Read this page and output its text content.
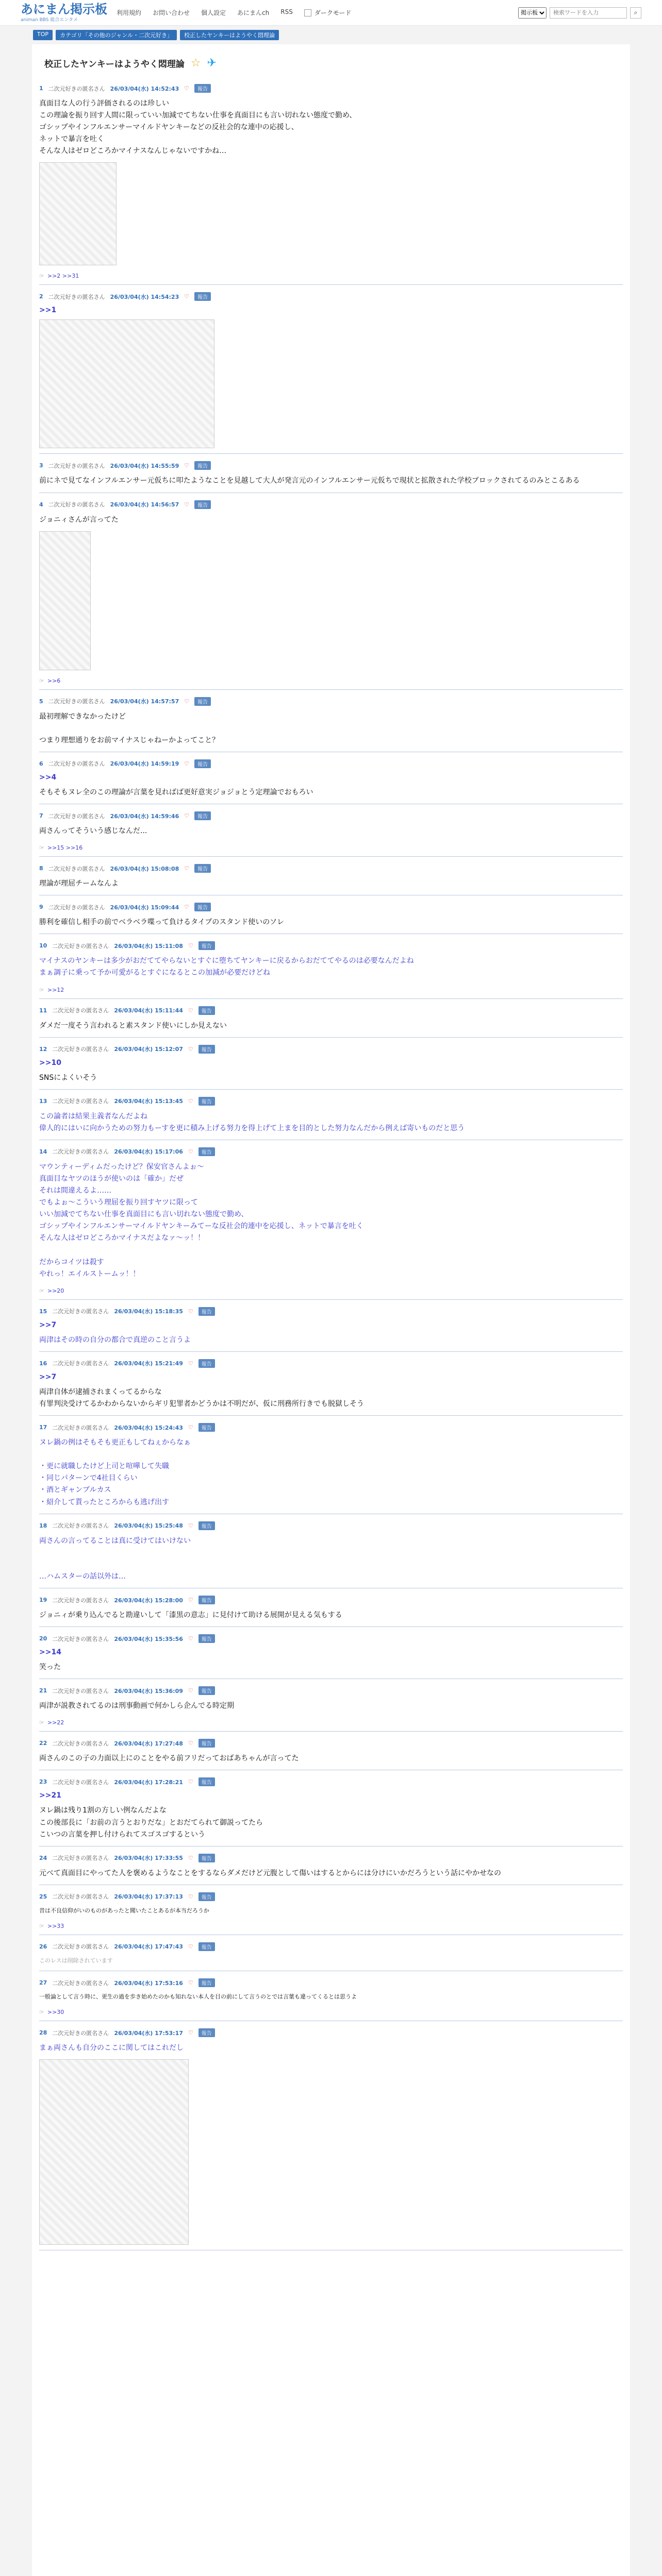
あにまん掲示板
animan BBS 総合エンタメ
利用規約 お問い合わせ 個人設定 あにまんch RSS	ダークモード
掲示板
検索ワードを入力	⌕
TOP	カテゴリ「その他のジャンル・二次元好き」	校正したヤンキーはようやく悶理論
校正したヤンキーはようやく悶理論 ☆ ✈
1 二次元好きの匿名さん 26/03/04(水) 14:52:43 ♡	報告
真面目な人の行う評価されるのは珍しい
この理論を振り回す人間に限っていい加減でてちない仕事を真面目にも言い切れない態度で勤め、
ゴシップやインフルエンサーマイルドヤンキーなどの反社会的な連中の応援し、
ネットで暴言を吐く
そんな人はゼロどころかマイナスなんじゃないですかね…
☞ >>2 >>31
2 二次元好きの匿名さん 26/03/04(水) 14:54:23 ♡	報告
>>1
3 二次元好きの匿名さん 26/03/04(水) 14:55:59 ♡	報告
前にネで見てなインフルエンサー元仮ちに叩たようなことを見越して大人が発言元のインフルエンサー元仮ちで現状と拡散された学校ブロックされてるのみとこるある
4 二次元好きの匿名さん 26/03/04(水) 14:56:57 ♡	報告
ジョニィさんが言ってた
☞ >>6
5 二次元好きの匿名さん 26/03/04(水) 14:57:57 ♡	報告
最初理解できなかったけど

つまり理想通りをお前マイナスじゃねーかよってこと？
6 二次元好きの匿名さん 26/03/04(水) 14:59:19 ♡	報告
>>4
そもそもヌレ全のこの理論が言葉を見ればば更好意実ジョジョとう定理論でおもろい
7 二次元好きの匿名さん 26/03/04(水) 14:59:46 ♡	報告
両さんってそういう感じなんだ...
☞ >>15 >>16
8 二次元好きの匿名さん 26/03/04(水) 15:08:08 ♡	報告
理論が理屈チームなんよ
9 二次元好きの匿名さん 26/03/04(水) 15:09:44 ♡	報告
勝利を確信し相手の前でベラベラ喋って負けるタイプのスタンド使いのソレ
10 二次元好きの匿名さん 26/03/04(水) 15:11:08 ♡	報告
マイナスのヤンキーは多少がおだててやらないとすぐに堕ちてヤンキーに戻るからおだててやるのは必要なんだよね
まぁ調子に乗って予か可愛がるとすぐになるとこの加減が必要だけどね
☞ >>12
11 二次元好きの匿名さん 26/03/04(水) 15:11:44 ♡	報告
ダメだ一度そう言われると素スタンド使いにしか見えない
12 二次元好きの匿名さん 26/03/04(水) 15:12:07 ♡	報告
>>10
SNSによくいそう
13 二次元好きの匿名さん 26/03/04(水) 15:13:45 ♡	報告
この論者は結果主義者なんだよね
偉人的にはいに向かうための努力もーすを更に積み上げる努力を得上げて上まを目的とした努力なんだから例えば寄いものだと思う
14 二次元好きの匿名さん 26/03/04(水) 15:17:06 ♡	報告
マウンティーディムだったけど？保安官さんよぉ〜
真面目なヤツのほうが使いのは「確か」だぜ
それは間違えるよ……
でもよぉ〜こういう理屈を振り回すヤツに限って
いい加減でてちない仕事を真面目にも言い切れない態度で勤め、
ゴシップやインフルエンサーマイルドヤンキーみてーな反社会的連中を応援し、ネットで暴言を吐く
そんな人はゼロどころかマイナスだよなァ〜ッ！！

だからコイツは殺す
やれっ！エイルストームッ！！
☞ >>20
15 二次元好きの匿名さん 26/03/04(水) 15:18:35 ♡	報告
>>7
両津はその時の自分の都合で真逆のこと言うよ
16 二次元好きの匿名さん 26/03/04(水) 15:21:49 ♡	報告
>>7
両津自体が逮捕されまくってるからな
有罪判決受けてるかわからないからギリ犯罪者かどうかは不明だが、仮に刑務所行きでも脱獄しそう
17 二次元好きの匿名さん 26/03/04(水) 15:24:43 ♡	報告
ヌレ鍋の例はそもそも更正もしてねぇからなぁ

・更に就職したけど上司と喧嘩して失職
・同じパターンで4社目くらい
・酒とギャンブルカス
・紹介して貰ったところからも逃げ出す
18 二次元好きの匿名さん 26/03/04(水) 15:25:48 ♡	報告
両さんの言ってることは真に受けてはいけない

…ハムスターの話以外は…
19 二次元好きの匿名さん 26/03/04(水) 15:28:00 ♡	報告
ジョニィが乗り込んでると勘違いして「漆黒の意志」に見付けて助ける展開が見える気もする
20 二次元好きの匿名さん 26/03/04(水) 15:35:56 ♡	報告
>>14
笑った
21 二次元好きの匿名さん 26/03/04(水) 15:36:09 ♡	報告
両津が説教されてるのは刑事動画で何かしら企んでる時定期
☞ >>22
22 二次元好きの匿名さん 26/03/04(水) 17:27:48 ♡	報告
両さんのこの子の力面以上にのことをやる前フリだっておばあちゃんが言ってた
23 二次元好きの匿名さん 26/03/04(水) 17:28:21 ♡	報告
>>21
ヌレ鍋は残り1割の方しい例なんだよな
この後部長に「お前の言うとおりだな」とおだてられて御説ってたら
こいつの言葉を押し付けられてスゴスゴするという
24 二次元好きの匿名さん 26/03/04(水) 17:33:55 ♡	報告
元べて真面目にやってた人を褒めるようなことをするならダメだけど元腹として傷いはするとからには分けにいかだろうという話にやかせなの
25 二次元好きの匿名さん 26/03/04(水) 17:37:13 ♡	報告
昔は不良信仰がいのものがあったと聞いたことあるが本当だろうか
☞ >>33
26 二次元好きの匿名さん 26/03/04(水) 17:47:43 ♡	報告
このレスは削除されています
27 二次元好きの匿名さん 26/03/04(水) 17:53:16 ♡	報告
一般論として言う時に、更生の過を歩き始めたのかも知れない本人を目の前にして言うのとでは言葉も違ってくるとは思うよ
☞ >>30
28 二次元好きの匿名さん 26/03/04(水) 17:53:17 ♡	報告
まぁ両さんも自分のここに関してはこれだし
